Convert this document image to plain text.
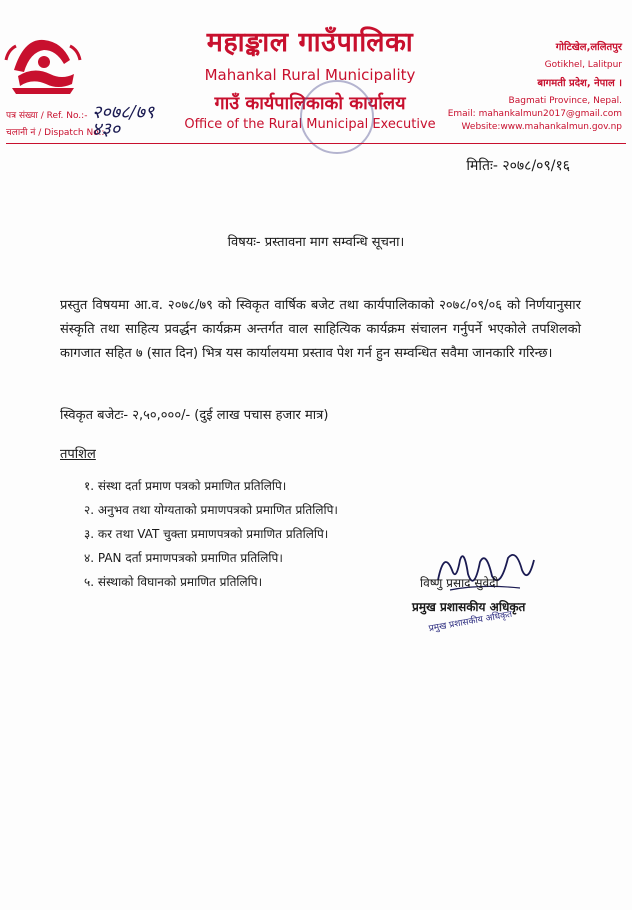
महाङ्काल गाउँपालिका
Mahankal Rural Municipality
गाउँ कार्यपालिकाको कार्यालय
Office of the Rural Municipal Executive
गोटिखेल,ललितपुर
Gotikhel, Lalitpur
बागमती प्रदेश, नेपाल ।
Bagmati Province, Nepal.
Email: mahankalmun2017@gmail.com
Website:www.mahankalmun.gov.np
पत्र संख्या / Ref. No.:- २०७८/७९
चलानी नं / Dispatch No.:-
४३०
मितिः- २०७८/०९/१६
विषयः- प्रस्तावना माग सम्वन्धि सूचना।
प्रस्तुत विषयमा आ.व. २०७८/७९ को स्विकृत वार्षिक बजेट तथा कार्यपालिकाको २०७८/०९/०६ को निर्णयानुसार संस्कृति तथा साहित्य प्रवर्द्धन कार्यक्रम अन्तर्गत वाल साहित्यिक कार्यक्रम संचालन गर्नुपर्ने भएकोले तपशिलको कागजात सहित ७ (सात दिन) भित्र यस कार्यालयमा प्रस्ताव पेश गर्न हुन सम्वन्धित सवैमा जानकारि गरिन्छ।
स्विकृत बजेटः- २,५०,०००/- (दुई लाख पचास हजार मात्र)
तपशिल
१. संस्था दर्ता प्रमाण पत्रको प्रमाणित प्रतिलिपि।
२. अनुभव तथा योग्यताको प्रमाणपत्रको प्रमाणित प्रतिलिपि।
३. कर तथा VAT चुक्ता प्रमाणपत्रको प्रमाणित प्रतिलिपि।
४. PAN दर्ता प्रमाणपत्रको प्रमाणित प्रतिलिपि।
५. संस्थाको विघानको प्रमाणित प्रतिलिपि।	विष्णु प्रसाद सुवेदी
प्रमुख प्रशासकीय अधिकृत
प्रमुख प्रशासकीय अधिकृत
